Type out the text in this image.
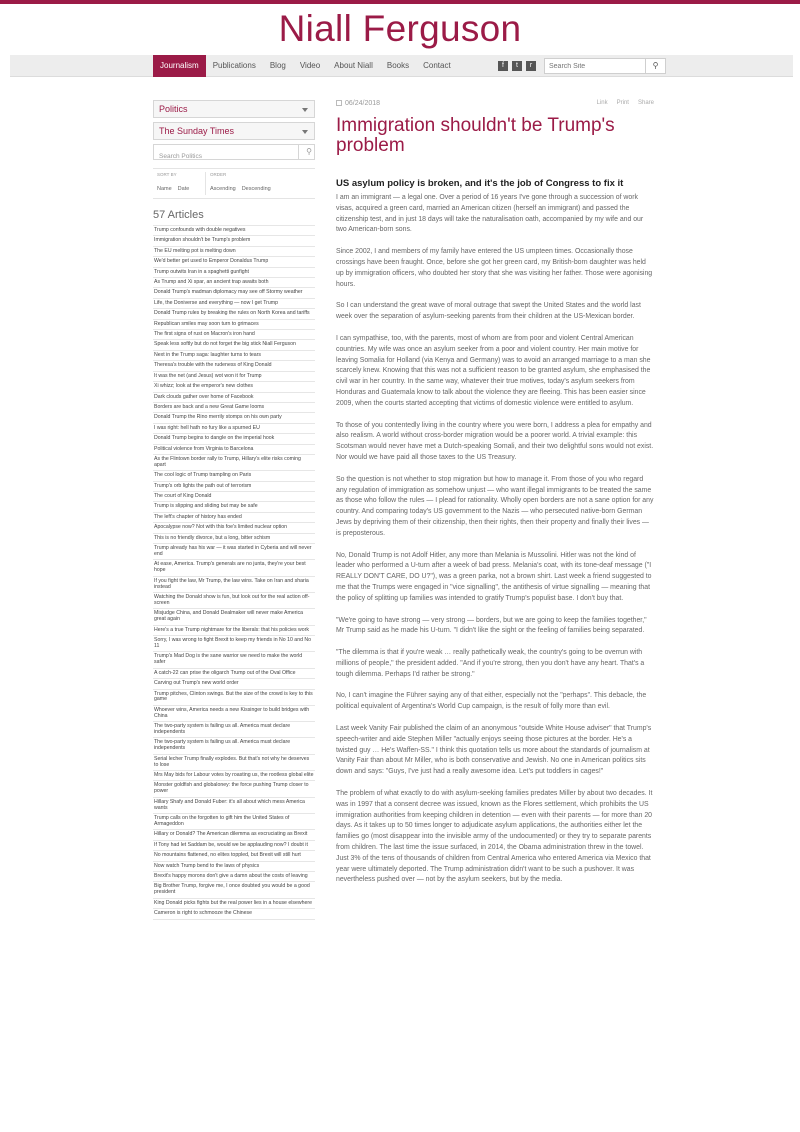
Niall Ferguson
Journalism	Publications	Blog	Video	About Niall	Books	Contact	f	t	r
Search Site	⚲
Politics
The Sunday Times
Search Politics
⚲
SORT BY
Name Date
ORDER
Ascending Descending
57 Articles
Trump confounds with double negatives
Immigration shouldn't be Trump's problem
The EU melting pot is melting down
We'd better get used to Emperor Donaldus Trump
Trump outwits Iran in a spaghetti gunfight
As Trump and Xi spar, an ancient trap awaits both
Donald Trump's madman diplomacy may see off Stormy weather
Life, the Doniverse and everything — now I get Trump
Donald Trump rules by breaking the rules on North Korea and tariffs
Republican smiles may soon turn to grimaces
The first signs of rust on Macron's iron hand
Speak less softly but do not forget the big stick Niall Ferguson
Next in the Trump saga: laughter turns to tears
Theresa's trouble with the rudeness of King Donald
It was the net (and Jesus) wot won it for Trump
Xi whizz; look at the emperor's new clothes
Dark clouds gather over home of Facebook
Borders are back and a new Great Game looms
Donald Trump the Rino merrily stomps on his own party
I was right: hell hath no fury like a spurned EU
Donald Trump begins to dangle on the imperial hook
Political violence from Virginia to Barcelona
As the Flintown border rally to Trump, Hillary's elite risks coming apart
The cool logic of Trump trampling on Paris
Trump's orb lights the path out of terrorism
The court of King Donald
Trump is slipping and sliding but may be safe
The left's chapter of history has ended
Apocalypse now? Not with this foe's limited nuclear option
This is no friendly divorce, but a long, bitter schism
Trump already has his war — it was started in Cyberia and will never end
At ease, America. Trump's generals are no junta, they're your best hope
If you fight the law, Mr Trump, the law wins. Take on Iran and sharia instead
Watching the Donald show is fun, but look out for the real action off-screen
Misjudge China, and Donald Dealmaker will never make America great again
Here's a true Trump nightmare for the liberals: that his policies work
Sorry, I was wrong to fight Brexit to keep my friends in No 10 and No 11
Trump's Mad Dog is the sane warrior we need to make the world safer
A catch-22 can prise the oligarch Trump out of the Oval Office
Carving out Trump's new world order
Trump pitches, Clinton swings. But the size of the crowd is key to this game
Whoever wins, America needs a new Kissinger to build bridges with China
The two-party system is failing us all. America must declare independents
The two-party system is failing us all. America must declare independents
Serial lecher Trump finally explodes. But that's not why he deserves to lose
Mrs May bids for Labour votes by roasting us, the rootless global elite
Monster goldfish and globaloney: the force pushing Trump closer to power
Hillary Shafy and Donald Fuber: it's all about which mess America wants
Trump calls on the forgotten to gift him the United States of Armageddon
Hillary or Donald? The American dilemma as excruciating as Brexit
If Tony had let Saddam be, would we be applauding now? I doubt it
No mountains flattened, no elites toppled, but Brexit will still hurt
Now watch Trump bend to the laws of physics
Brexit's happy morons don't give a damn about the costs of leaving
Big Brother Trump, forgive me, I once doubted you would be a good president
King Donald picks fights but the real power lies in a house elsewhere
Cameron is right to schmooze the Chinese
06/24/2018	Link Print Share
Immigration shouldn't be Trump's problem
US asylum policy is broken, and it's the job of Congress to fix it

I am an immigrant — a legal one. Over a period of 16 years I've gone through a succession of work visas, acquired a green card, married an American citizen (herself an immigrant) and passed the citizenship test, and in just 18 days will take the naturalisation oath, accompanied by my wife and our two American-born sons.

Since 2002, I and members of my family have entered the US umpteen times. Occasionally those crossings have been fraught. Once, before she got her green card, my British-born daughter was held up by immigration officers, who doubted her story that she was visiting her father. Those were agonising hours.

So I can understand the great wave of moral outrage that swept the United States and the world last week over the separation of asylum-seeking parents from their children at the US-Mexican border.

I can sympathise, too, with the parents, most of whom are from poor and violent Central American countries. My wife was once an asylum seeker from a poor and violent country. Her main motive for leaving Somalia for Holland (via Kenya and Germany) was to avoid an arranged marriage to a man she scarcely knew. Knowing that this was not a sufficient reason to be granted asylum, she emphasised the civil war in her country. In the same way, whatever their true motives, today's asylum seekers from Honduras and Guatemala know to talk about the violence they are fleeing. This has been easier since 2009, when the courts started accepting that victims of domestic violence were entitled to asylum.

To those of you contentedly living in the country where you were born, I address a plea for empathy and also realism. A world without cross-border migration would be a poorer world. A trivial example: this Scotsman would never have met a Dutch-speaking Somali, and their two delightful sons would not exist. Nor would we have paid all those taxes to the US Treasury.

So the question is not whether to stop migration but how to manage it. From those of you who regard any regulation of immigration as somehow unjust — who want illegal immigrants to be treated the same as those who follow the rules — I plead for rationality. Wholly open borders are not a sane option for any country. And comparing today's US government to the Nazis — who persecuted native-born German Jews by depriving them of their citizenship, then their rights, then their property and finally their lives — is preposterous.

No, Donald Trump is not Adolf Hitler, any more than Melania is Mussolini. Hitler was not the kind of leader who performed a U-turn after a week of bad press. Melania's coat, with its tone-deaf message ("I REALLY DON'T CARE, DO U?"), was a green parka, not a brown shirt. Last week a friend suggested to me that the Trumps were engaged in "vice signalling", the antithesis of virtue signalling — meaning that the policy of splitting up families was intended to gratify Trump's populist base. I don't buy that.

"We're going to have strong — very strong — borders, but we are going to keep the families together," Mr Trump said as he made his U-turn. "I didn't like the sight or the feeling of families being separated.

"The dilemma is that if you're weak … really pathetically weak, the country's going to be overrun with millions of people," the president added. "And if you're strong, then you don't have any heart. That's a tough dilemma. Perhaps I'd rather be strong."

No, I can't imagine the Führer saying any of that either, especially not the "perhaps". This debacle, the political equivalent of Argentina's World Cup campaign, is the result of folly more than evil.

Last week Vanity Fair published the claim of an anonymous "outside White House adviser" that Trump's speech-writer and aide Stephen Miller "actually enjoys seeing those pictures at the border. He's a twisted guy … He's Waffen-SS." I think this quotation tells us more about the standards of journalism at Vanity Fair than about Mr Miller, who is both conservative and Jewish. No one in American politics sits down and says: "Guys, I've just had a really awesome idea. Let's put toddlers in cages!"

The problem of what exactly to do with asylum-seeking families predates Miller by about two decades. It was in 1997 that a consent decree was issued, known as the Flores settlement, which prohibits the US immigration authorities from keeping children in detention — even with their parents — for more than 20 days. As it takes up to 50 times longer to adjudicate asylum applications, the authorities either let the families go (most disappear into the invisible army of the undocumented) or they try to separate parents from children. The last time the issue surfaced, in 2014, the Obama administration threw in the towel. Just 3% of the tens of thousands of children from Central America who entered America via Mexico that year were ultimately deported. The Trump administration didn't want to be such a pushover. It was nevertheless pushed over — not by the asylum seekers, but by the media.
